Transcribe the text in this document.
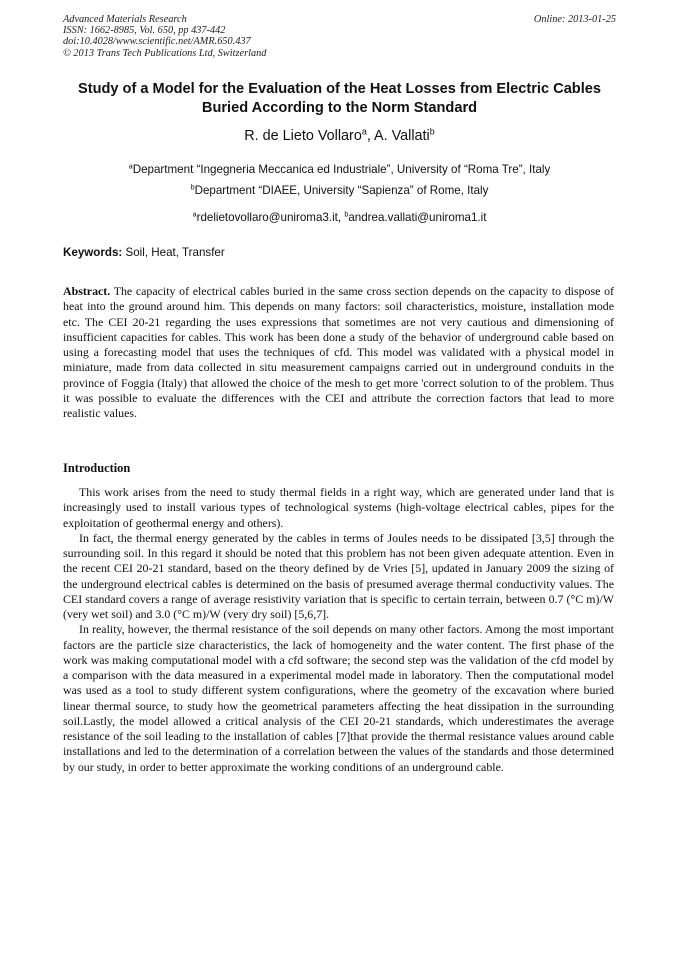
Advanced Materials Research
ISSN: 1662-8985, Vol. 650, pp 437-442
doi:10.4028/www.scientific.net/AMR.650.437
© 2013 Trans Tech Publications Ltd, Switzerland
Online: 2013-01-25
Study of a Model for the Evaluation of the Heat Losses from Electric Cables Buried According to the Norm Standard
R. de Lieto Vollaro$^a$, A. Vallati$^b$
$^a$Department “Ingegneria Meccanica ed Industriale”, University of “Roma Tre”, Italy
$^b$Department “DIAEE, University “Sapienza” of Rome, Italy
$^a$rdelietovollaro@uniroma3.it, $^b$andrea.vallati@uniroma1.it
Keywords: Soil, Heat, Transfer

Abstract. The capacity of electrical cables buried in the same cross section depends on the capacity to dispose of heat into the ground around him. This depends on many factors: soil characteristics, moisture, installation mode etc. The CEI 20-21 regarding the uses expressions that sometimes are not very cautious and dimensioning of insufficient capacities for cables. This work has been done a study of the behavior of underground cable based on using a forecasting model that uses the techniques of cfd. This model was validated with a physical model in miniature, made from data collected in situ measurement campaigns carried out in underground conduits in the province of Foggia (Italy) that allowed the choice of the mesh to get more 'correct solution to of the problem. Thus it was possible to evaluate the differences with the CEI and attribute the correction factors that lead to more realistic values.

Introduction

This work arises from the need to study thermal fields in a right way, which are generated under land that is increasingly used to install various types of technological systems (high-voltage electrical cables, pipes for the exploitation of geothermal energy and others).

In fact, the thermal energy generated by the cables in terms of Joules needs to be dissipated [3,5] through the surrounding soil. In this regard it should be noted that this problem has not been given adequate attention. Even in the recent CEI 20-21 standard, based on the theory defined by de Vries [5], updated in January 2009 the sizing of the underground electrical cables is determined on the basis of presumed average thermal conductivity values. The CEI standard covers a range of average resistivity variation that is specific to certain terrain, between 0.7 (°C m)/W (very wet soil) and 3.0 (°C m)/W (very dry soil) [5,6,7].

In reality, however, the thermal resistance of the soil depends on many other factors. Among the most important factors are the particle size characteristics, the lack of homogeneity and the water content. The first phase of the work was making computational model with a cfd software; the second step was the validation of the cfd model by a comparison with the data measured in a experimental model made in laboratory. Then the computational model was used as a tool to study different system configurations, where the geometry of the excavation where buried linear thermal source, to study how the geometrical parameters affecting the heat dissipation in the surrounding soil.Lastly, the model allowed a critical analysis of the CEI 20-21 standards, which underestimates the average resistance of the soil leading to the installation of cables [7]that provide the thermal resistance values around cable installations and led to the determination of a correlation between the values of the standards and those determined by our study, in order to better approximate the working conditions of an underground cable.
